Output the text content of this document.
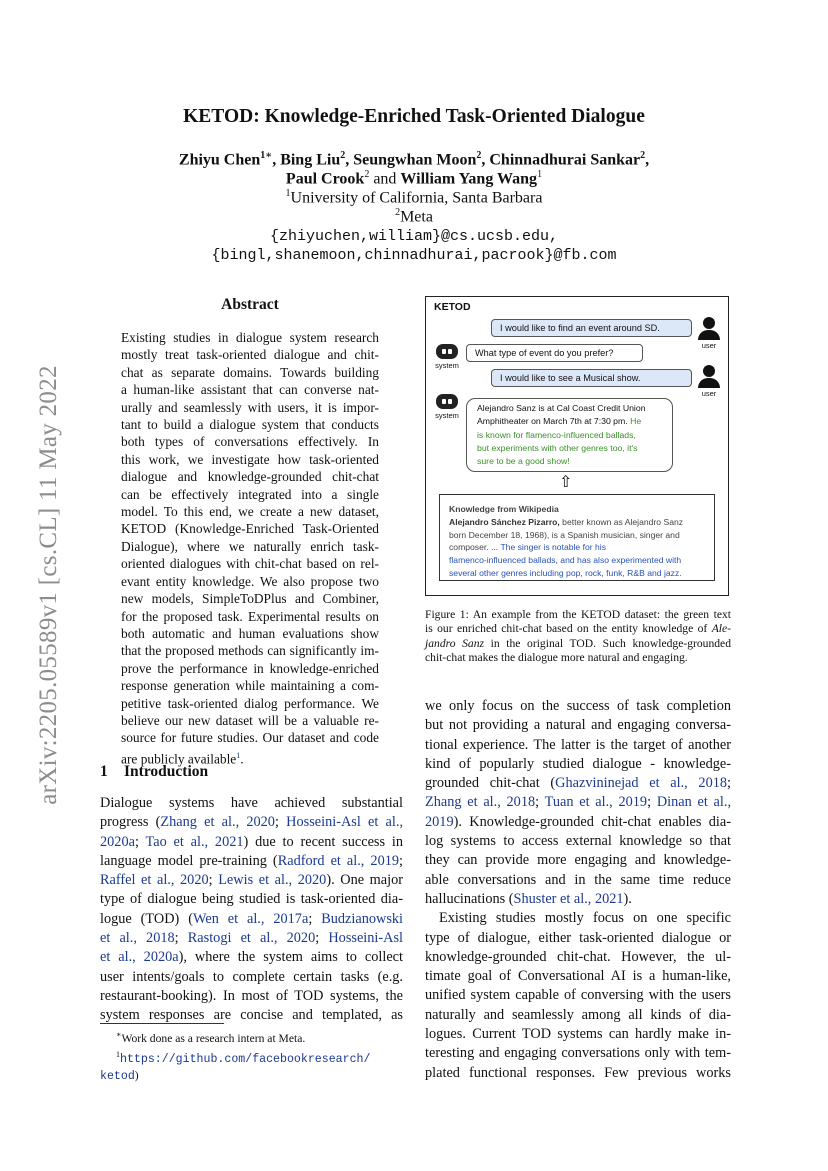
arXiv:2205.05589v1 [cs.CL] 11 May 2022
KETOD: Knowledge-Enriched Task-Oriented Dialogue
Zhiyu Chen$^{1∗}$, Bing Liu$^2$, Seungwhan Moon$^2$, Chinnadhurai Sankar$^2$,
Paul Crook$^2$ and William Yang Wang$^1$
$^1$University of California, Santa Barbara
$^2$Meta
{zhiyuchen,william}@cs.ucsb.edu,
{bingl,shanemoon,chinnadhurai,pacrook}@fb.com
Abstract
Existing studies in dialogue system research
mostly treat task-oriented dialogue and chit-
chat as separate domains. Towards building
a human-like assistant that can converse nat-
urally and seamlessly with users, it is impor-
tant to build a dialogue system that conducts
both types of conversations effectively. In
this work, we investigate how task-oriented
dialogue and knowledge-grounded chit-chat
can be effectively integrated into a single
model. To this end, we create a new dataset,
KETOD (Knowledge-Enriched Task-Oriented
Dialogue), where we naturally enrich task-
oriented dialogues with chit-chat based on rel-
evant entity knowledge. We also propose two
new models, SimpleToDPlus and Combiner,
for the proposed task. Experimental results on
both automatic and human evaluations show
that the proposed methods can significantly im-
prove the performance in knowledge-enriched
response generation while maintaining a com-
petitive task-oriented dialog performance. We
believe our new dataset will be a valuable re-
source for future studies. Our dataset and code
are publicly available$^1$.
1 Introduction
Dialogue systems have achieved substantial
progress (Zhang et al., 2020; Hosseini-Asl et al.,
2020a; Tao et al., 2021) due to recent success in
language model pre-training (Radford et al., 2019;
Raffel et al., 2020; Lewis et al., 2020). One major
type of dialogue being studied is task-oriented dia-
logue (TOD) (Wen et al., 2017a; Budzianowski
et al., 2018; Rastogi et al., 2020; Hosseini-Asl
et al., 2020a), where the system aims to collect
user intents/goals to complete certain tasks (e.g.
restaurant-booking). In most of TOD systems, the
system responses are concise and templated, as
∗Work done as a research intern at Meta.
$^1$https://github.com/facebookresearch/
ketod)
KETOD
I would like to find an event around SD.
user
system
What type of event do you prefer?
I would like to see a Musical show.
user
system
Alejandro Sanz is at Cal Coast Credit Union
Amphitheater on March 7th at 7:30 pm. He
is known for flamenco-influenced ballads,
but experiments with other genres too, it's
sure to be a good show!
⇧
Knowledge from Wikipedia
Alejandro Sánchez Pizarro, better known as Alejandro Sanz
born December 18, 1968), is a Spanish musician, singer and
composer. ... The singer is notable for his
flamenco-influenced ballads, and has also experimented with
several other genres including pop, rock, funk, R&B and jazz.
Figure 1: An example from the KETOD dataset: the green text
is our enriched chit-chat based on the entity knowledge of Ale-
jandro Sanz in the original TOD. Such knowledge-grounded
chit-chat makes the dialogue more natural and engaging.
we only focus on the success of task completion
but not providing a natural and engaging conversa-
tional experience. The latter is the target of another
kind of popularly studied dialogue - knowledge-
grounded chit-chat (Ghazvininejad et al., 2018;
Zhang et al., 2018; Tuan et al., 2019; Dinan et al.,
2019). Knowledge-grounded chit-chat enables dia-
log systems to access external knowledge so that
they can provide more engaging and knowledge-
able conversations and in the same time reduce
hallucinations (Shuster et al., 2021).
Existing studies mostly focus on one specific
type of dialogue, either task-oriented dialogue or
knowledge-grounded chit-chat. However, the ul-
timate goal of Conversational AI is a human-like,
unified system capable of conversing with the users
naturally and seamlessly among all kinds of dia-
logues. Current TOD systems can hardly make in-
teresting and engaging conversations only with tem-
plated functional responses. Few previous works
